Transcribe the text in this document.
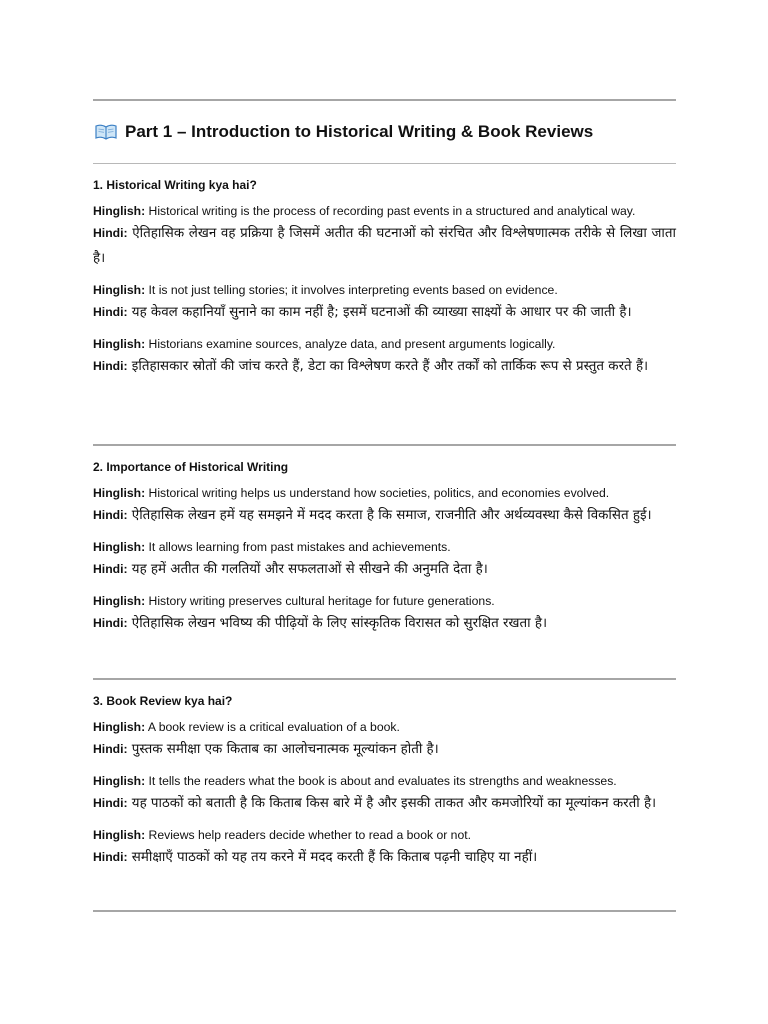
Part 1 – Introduction to Historical Writing & Book Reviews
1. Historical Writing kya hai?
Hinglish: Historical writing is the process of recording past events in a structured and analytical way.
Hindi: ऐतिहासिक लेखन वह प्रक्रिया है जिसमें अतीत की घटनाओं को संरचित और विश्लेषणात्मक तरीके से लिखा जाता है।
Hinglish: It is not just telling stories; it involves interpreting events based on evidence.
Hindi: यह केवल कहानियाँ सुनाने का काम नहीं है; इसमें घटनाओं की व्याख्या साक्ष्यों के आधार पर की जाती है।
Hinglish: Historians examine sources, analyze data, and present arguments logically.
Hindi: इतिहासकार स्रोतों की जांच करते हैं, डेटा का विश्लेषण करते हैं और तर्कों को तार्किक रूप से प्रस्तुत करते हैं।
2. Importance of Historical Writing
Hinglish: Historical writing helps us understand how societies, politics, and economies evolved.
Hindi: ऐतिहासिक लेखन हमें यह समझने में मदद करता है कि समाज, राजनीति और अर्थव्यवस्था कैसे विकसित हुई।
Hinglish: It allows learning from past mistakes and achievements.
Hindi: यह हमें अतीत की गलतियों और सफलताओं से सीखने की अनुमति देता है।
Hinglish: History writing preserves cultural heritage for future generations.
Hindi: ऐतिहासिक लेखन भविष्य की पीढ़ियों के लिए सांस्कृतिक विरासत को सुरक्षित रखता है।
3. Book Review kya hai?
Hinglish: A book review is a critical evaluation of a book.
Hindi: पुस्तक समीक्षा एक किताब का आलोचनात्मक मूल्यांकन होती है।
Hinglish: It tells the readers what the book is about and evaluates its strengths and weaknesses.
Hindi: यह पाठकों को बताती है कि किताब किस बारे में है और इसकी ताकत और कमजोरियों का मूल्यांकन करती है।
Hinglish: Reviews help readers decide whether to read a book or not.
Hindi: समीक्षाएँ पाठकों को यह तय करने में मदद करती हैं कि किताब पढ़नी चाहिए या नहीं।
